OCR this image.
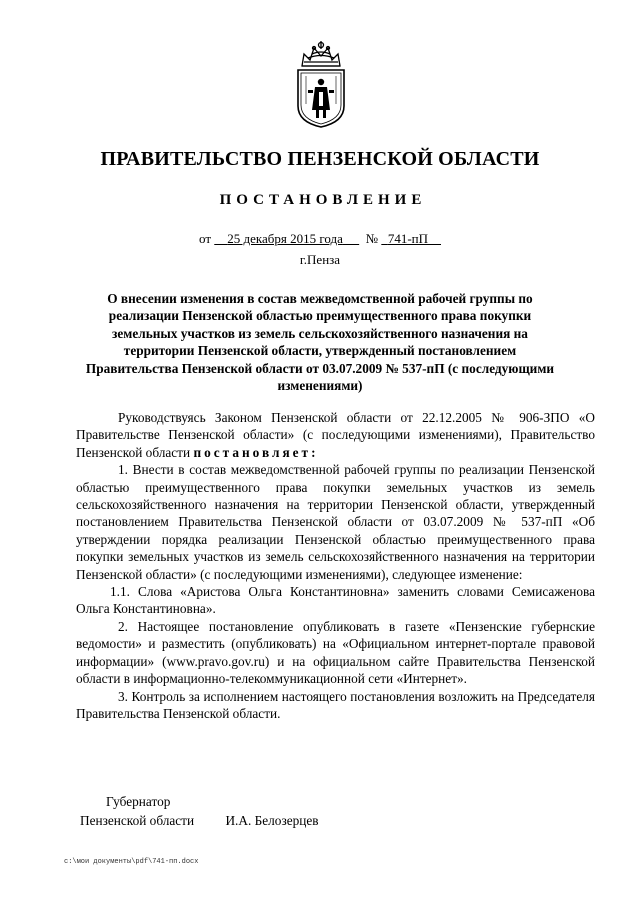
ПРАВИТЕЛЬСТВО ПЕНЗЕНСКОЙ ОБЛАСТИ
ПОСТАНОВЛЕНИЕ
от 25 декабря 2015 года № 741-пП
г.Пенза
О внесении изменения в состав межведомственной рабочей группы по реализации Пензенской областью преимущественного права покупки земельных участков из земель сельскохозяйственного назначения на территории Пензенской области, утвержденный постановлением Правительства Пензенской области от 03.07.2009 № 537-пП (с последующими изменениями)

Руководствуясь Законом Пензенской области от 22.12.2005 № 906-ЗПО «О Правительстве Пензенской области» (с последующими изменениями), Правительство Пензенской области постановляет:

1. Внести в состав межведомственной рабочей группы по реализации Пензенской областью преимущественного права покупки земельных участков из земель сельскохозяйственного назначения на территории Пензенской области, утвержденный постановлением Правительства Пензенской области от 03.07.2009 № 537-пП «Об утверждении порядка реализации Пензенской областью преимущественного права покупки земельных участков из земель сельскохозяйственного назначения на территории Пензенской области» (с последующими изменениями), следующее изменение:

1.1. Слова «Аристова Ольга Константиновна» заменить словами Семисаженова Ольга Константиновна».

2. Настоящее постановление опубликовать в газете «Пензенские губернские ведомости» и разместить (опубликовать) на «Официальном интернет-портале правовой информации» (www.pravo.gov.ru) и на официальном сайте Правительства Пензенской области в информационно-телекоммуникационной сети «Интернет».

3. Контроль за исполнением настоящего постановления возложить на Председателя Правительства Пензенской области.

Губернатор
Пензенской области И.А. Белозерцев
c:\мои документы\pdf\741-пп.docx
